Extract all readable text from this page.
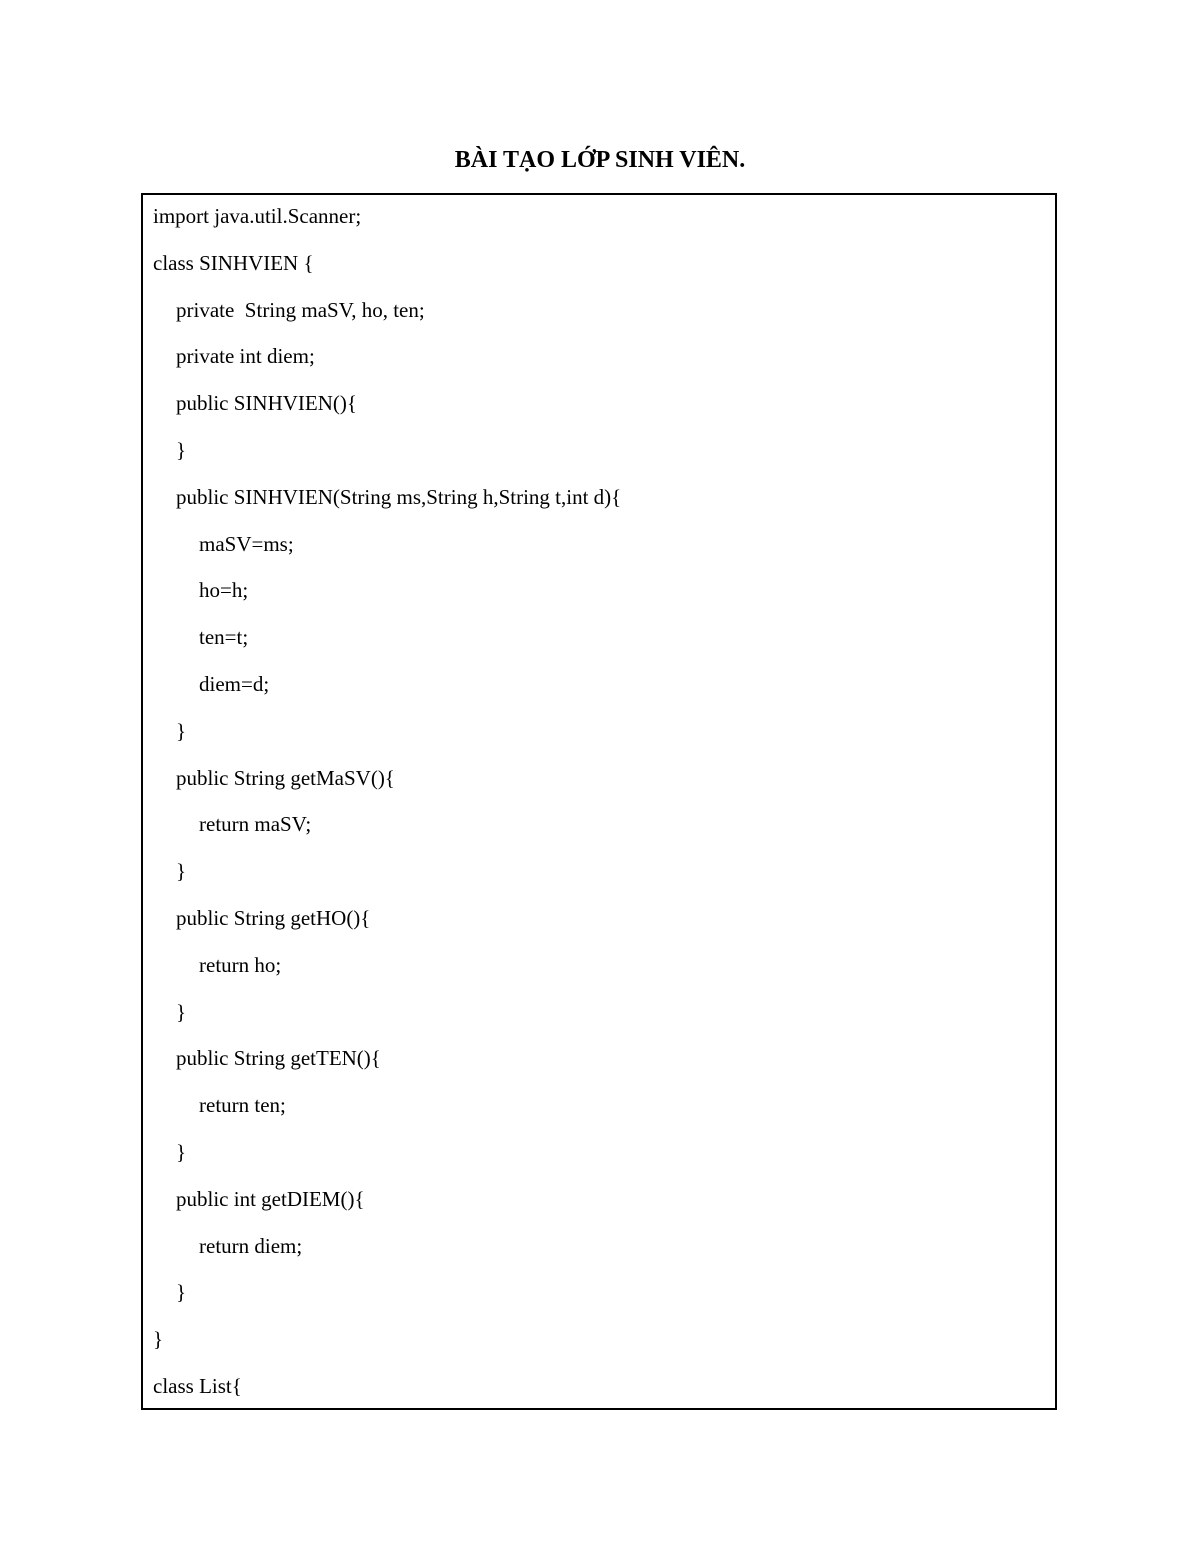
BÀI TẠO LỚP SINH VIÊN.
import java.util.Scanner;
class SINHVIEN {
private  String maSV, ho, ten;
private int diem;
public SINHVIEN(){
}
public SINHVIEN(String ms,String h,String t,int d){
maSV=ms;
ho=h;
ten=t;
diem=d;
}
public String getMaSV(){
return maSV;
}
public String getHO(){
return ho;
}
public String getTEN(){
return ten;
}
public int getDIEM(){
return diem;
}
}
class List{
